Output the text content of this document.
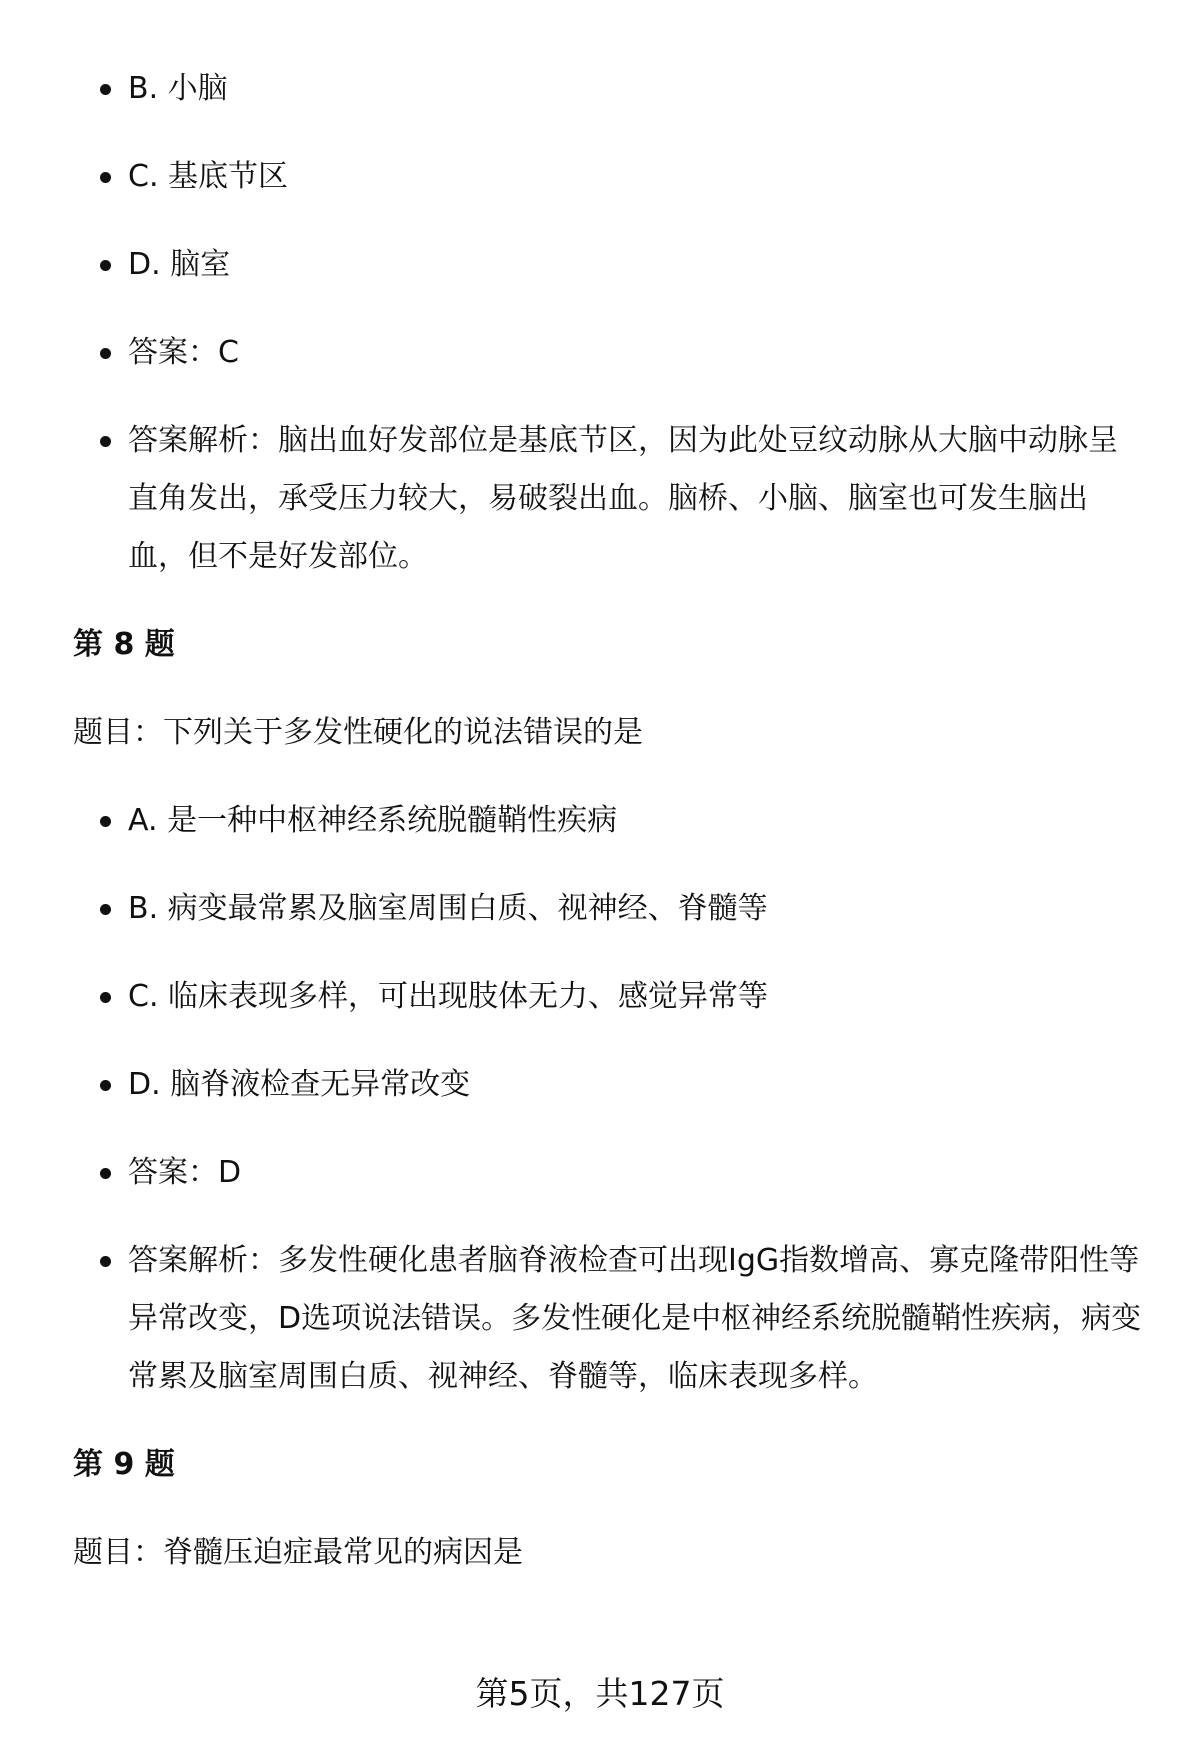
B. 小脑
C. 基底节区
D. 脑室
答案：C
答案解析：脑出血好发部位是基底节区，因为此处豆纹动脉从大脑中动脉呈直角发出，承受压力较大，易破裂出血。脑桥、小脑、脑室也可发生脑出血，但不是好发部位。
第 8 题
题目：下列关于多发性硬化的说法错误的是
A. 是一种中枢神经系统脱髓鞘性疾病
B. 病变最常累及脑室周围白质、视神经、脊髓等
C. 临床表现多样，可出现肢体无力、感觉异常等
D. 脑脊液检查无异常改变
答案：D
答案解析：多发性硬化患者脑脊液检查可出现IgG指数增高、寡克隆带阳性等异常改变，D选项说法错误。多发性硬化是中枢神经系统脱髓鞘性疾病，病变常累及脑室周围白质、视神经、脊髓等，临床表现多样。
第 9 题
题目：脊髓压迫症最常见的病因是
第5页，共127页
